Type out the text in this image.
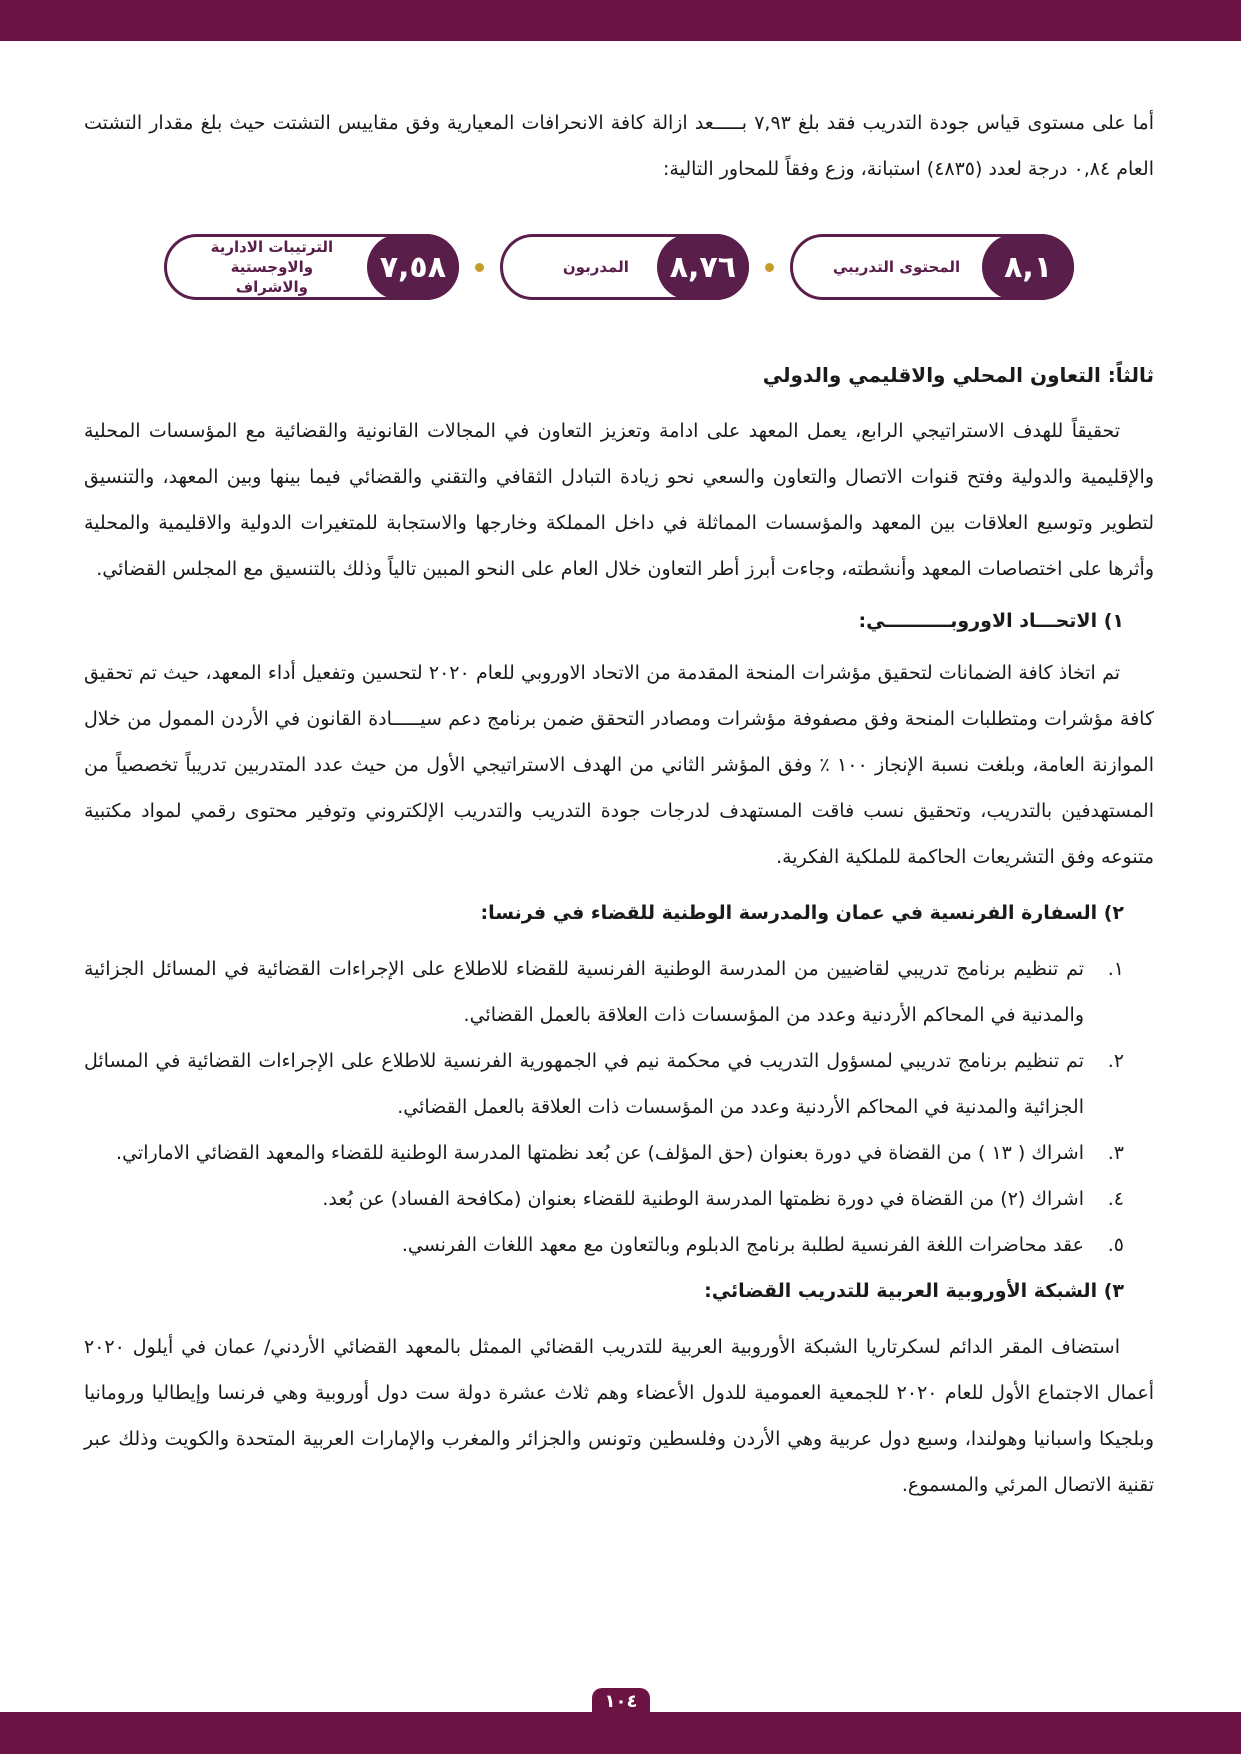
أما على مستوى قياس جودة التدريب فقد بلغ ٧,٩٣ بـــــعد ازالة كافة الانحرافات المعيارية وفق مقاييس التشتت حيث بلغ مقدار التشتت العام ٠,٨٤ درجة لعدد (٤٨٣٥) استبانة، وزع وفقاً للمحاور التالية:

٨,١
المحتوى التدريبي
٨,٧٦
المدربون
٧,٥٨
الترتيبات الادارية والاوجستية والاشراف
ثالثاً: التعاون المحلي والاقليمي والدولي

تحقيقاً للهدف الاستراتيجي الرابع، يعمل المعهد على ادامة وتعزيز التعاون في المجالات القانونية والقضائية مع المؤسسات المحلية والإقليمية والدولية وفتح قنوات الاتصال والتعاون والسعي نحو زيادة التبادل الثقافي والتقني والقضائي فيما بينها وبين المعهد، والتنسيق لتطوير وتوسيع العلاقات بين المعهد والمؤسسات المماثلة في داخل المملكة وخارجها والاستجابة للمتغيرات الدولية والاقليمية والمحلية وأثرها على اختصاصات المعهد وأنشطته، وجاءت أبرز أطر التعاون خلال العام على النحو المبين تالياً وذلك بالتنسيق مع المجلس القضائي.

١) الاتحـــاد الاوروبــــــــــي:

تم اتخاذ كافة الضمانات لتحقيق مؤشرات المنحة المقدمة من الاتحاد الاوروبي للعام ٢٠٢٠ لتحسين وتفعيل أداء المعهد، حيث تم تحقيق كافة مؤشرات ومتطلبات المنحة وفق مصفوفة مؤشرات ومصادر التحقق ضمن برنامج دعم سيـــــادة القانون في الأردن الممول من خلال الموازنة العامة، وبلغت نسبة الإنجاز ١٠٠ ٪ وفق المؤشر الثاني من الهدف الاستراتيجي الأول من حيث عدد المتدربين تدريباً تخصصياً من المستهدفين بالتدريب، وتحقيق نسب فاقت المستهدف لدرجات جودة التدريب والتدريب الإلكتروني وتوفير محتوى رقمي لمواد مكتبية متنوعه وفق التشريعات الحاكمة للملكية الفكرية.

٢) السفارة الفرنسية في عمان والمدرسة الوطنية للقضاء في فرنسا:
١.
تم تنظيم برنامج تدريبي لقاضيين من المدرسة الوطنية الفرنسية للقضاء للاطلاع على الإجراءات القضائية في المسائل الجزائية والمدنية في المحاكم الأردنية وعدد من المؤسسات ذات العلاقة بالعمل القضائي.
٢.
تم تنظيم برنامج تدريبي لمسؤول التدريب في محكمة نيم في الجمهورية الفرنسية للاطلاع على الإجراءات القضائية في المسائل الجزائية والمدنية في المحاكم الأردنية وعدد من المؤسسات ذات العلاقة بالعمل القضائي.
٣.
اشراك ( ١٣ ) من القضاة في دورة بعنوان (حق المؤلف) عن بُعد نظمتها المدرسة الوطنية للقضاء والمعهد القضائي الاماراتي.
٤.
اشراك (٢) من القضاة في دورة نظمتها المدرسة الوطنية للقضاء بعنوان (مكافحة الفساد) عن بُعد.
٥.
عقد محاضرات اللغة الفرنسية لطلبة برنامج الدبلوم وبالتعاون مع معهد اللغات الفرنسي.
٣) الشبكة الأوروبية العربية للتدريب القضائي:

استضاف المقر الدائم لسكرتاريا الشبكة الأوروبية العربية للتدريب القضائي الممثل بالمعهد القضائي الأردني/ عمان في أيلول ٢٠٢٠ أعمال الاجتماع الأول للعام ٢٠٢٠ للجمعية العمومية للدول الأعضاء وهم ثلاث عشرة دولة ست دول أوروبية وهي فرنسا وإيطاليا ورومانيا وبلجيكا واسبانيا وهولندا، وسبع دول عربية وهي الأردن وفلسطين وتونس والجزائر والمغرب والإمارات العربية المتحدة والكويت وذلك عبر تقنية الاتصال المرئي والمسموع.

١٠٤
